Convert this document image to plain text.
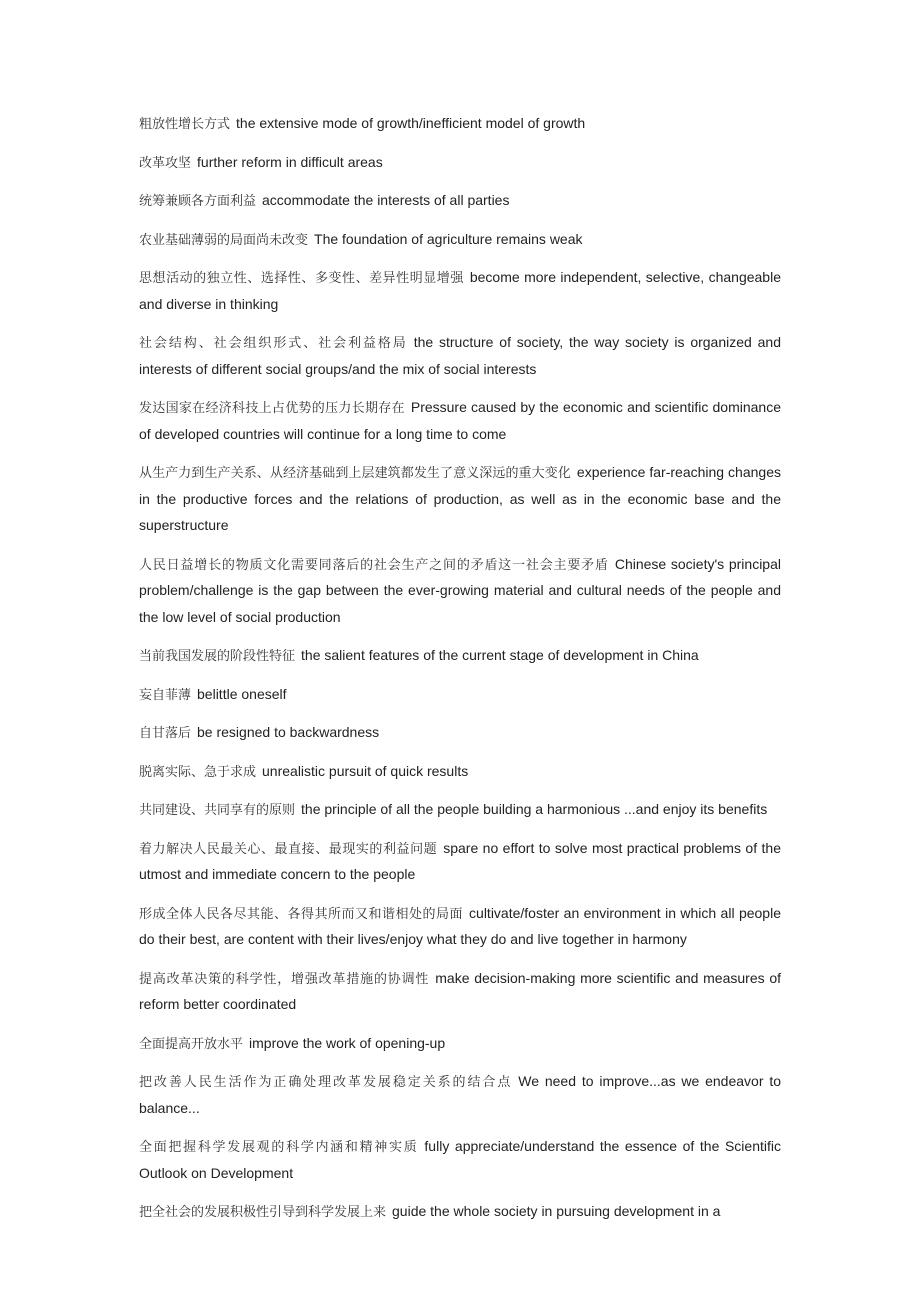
粗放性增长方式 the extensive mode of growth/inefficient model of growth

改革攻坚 further reform in difficult areas

统筹兼顾各方面利益 accommodate the interests of all parties

农业基础薄弱的局面尚未改变 The foundation of agriculture remains weak

思想活动的独立性、选择性、多变性、差异性明显增强 become more independent, selective, changeable and diverse in thinking

社会结构、社会组织形式、社会利益格局 the structure of society, the way society is organized and interests of different social groups/and the mix of social interests

发达国家在经济科技上占优势的压力长期存在 Pressure caused by the economic and scientific dominance of developed countries will continue for a long time to come

从生产力到生产关系、从经济基础到上层建筑都发生了意义深远的重大变化 experience far-reaching changes in the productive forces and the relations of production, as well as in the economic base and the superstructure

人民日益增长的物质文化需要同落后的社会生产之间的矛盾这一社会主要矛盾 Chinese society's principal problem/challenge is the gap between the ever-growing material and cultural needs of the people and the low level of social production

当前我国发展的阶段性特征 the salient features of the current stage of development in China

妄自菲薄 belittle oneself

自甘落后 be resigned to backwardness

脱离实际、急于求成 unrealistic pursuit of quick results

共同建设、共同享有的原则 the principle of all the people building a harmonious ...and enjoy its benefits

着力解决人民最关心、最直接、最现实的利益问题 spare no effort to solve most practical problems of the utmost and immediate concern to the people

形成全体人民各尽其能、各得其所而又和谐相处的局面 cultivate/foster an environment in which all people do their best, are content with their lives/enjoy what they do and live together in harmony

提高改革决策的科学性，增强改革措施的协调性 make decision-making more scientific and measures of reform better coordinated

全面提高开放水平 improve the work of opening-up

把改善人民生活作为正确处理改革发展稳定关系的结合点 We need to improve...as we endeavor to balance...

全面把握科学发展观的科学内涵和精神实质 fully appreciate/understand the essence of the Scientific Outlook on Development

把全社会的发展积极性引导到科学发展上来 guide the whole society in pursuing development in a
